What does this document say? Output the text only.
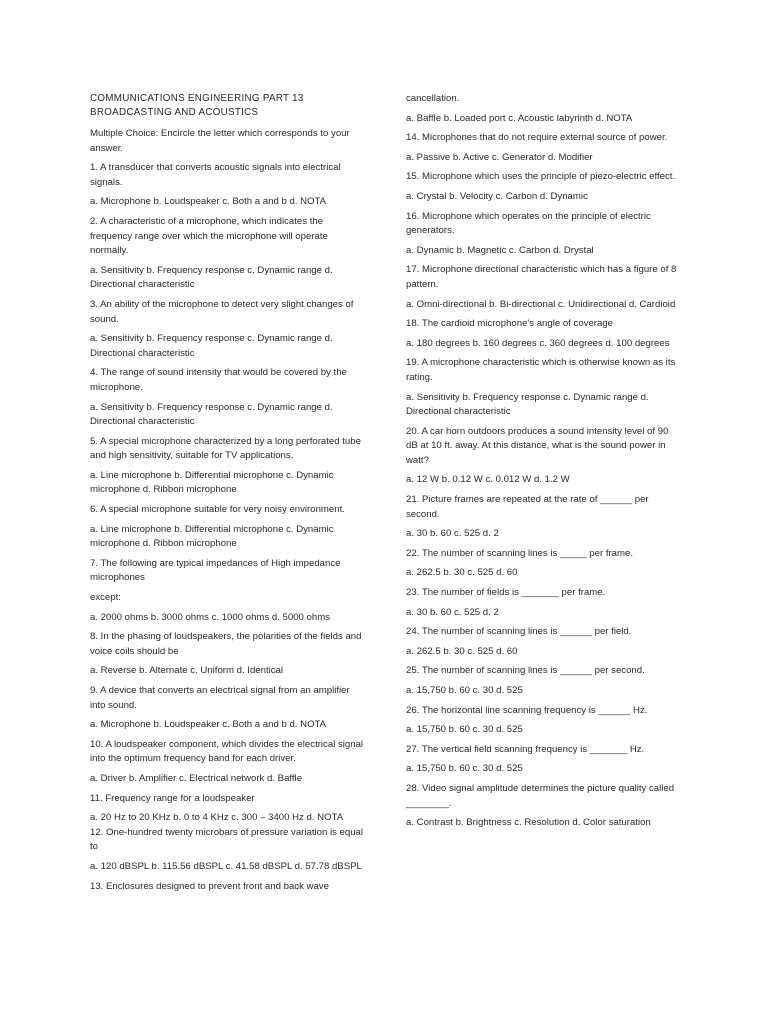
COMMUNICATIONS ENGINEERING PART 13

BROADCASTING AND ACOUSTICS

Multiple Choice: Encircle the letter which corresponds to your answer.

1. A transducer that converts acoustic signals into electrical signals.

a. Microphone b. Loudspeaker c. Both a and b d. NOTA

2. A characteristic of a microphone, which indicates the frequency range over which the microphone will operate normally.

a. Sensitivity b. Frequency response c. Dynamic range d. Directional characteristic

3. An ability of the microphone to detect very slight changes of sound.

a. Sensitivity b. Frequency response c. Dynamic range d. Directional characteristic

4. The range of sound intensity that would be covered by the microphone.

a. Sensitivity b. Frequency response c. Dynamic range d. Directional characteristic

5. A special microphone characterized by a long perforated tube and high sensitivity, suitable for TV applications.

a. Line microphone b. Differential microphone c. Dynamic microphone d. Ribbon microphone

6. A special microphone suitable for very noisy environment.

a. Line microphone b. Differential microphone c. Dynamic microphone d. Ribbon microphone

7. The following are typical impedances of High impedance microphones

except:

a. 2000 ohms b. 3000 ohms c. 1000 ohms d. 5000 ohms

8. In the phasing of loudspeakers, the polarities of the fields and voice coils should be

a. Reverse b. Alternate c. Uniform d. Identical

9. A device that converts an electrical signal from an amplifier into sound.

a. Microphone b. Loudspeaker c. Both a and b d. NOTA

10. A loudspeaker component, which divides the electrical signal into the optimum frequency band for each driver.

a. Driver b. Amplifier c. Electrical network d. Baffle

11. Frequency range for a loudspeaker

a. 20 Hz to 20 KHz b. 0 to 4 KHz c. 300 – 3400 Hz d. NOTA

12. One-hundred twenty microbars of pressure variation is equal to

a. 120 dBSPL b. 115.56 dBSPL c. 41.58 dBSPL d. 57.78 dBSPL

13. Enclosures designed to prevent front and back wave

cancellation.

a. Baffle b. Loaded port c. Acoustic labyrinth d. NOTA

14. Microphones that do not require external source of power.

a. Passive b. Active c. Generator d. Modifier

15. Microphone which uses the principle of piezo-electric effect.

a. Crystal b. Velocity c. Carbon d. Dynamic

16. Microphone which operates on the principle of electric generators.

a. Dynamic b. Magnetic c. Carbon d. Drystal

17. Microphone directional characteristic which has a figure of 8 pattern.

a. Omni-directional b. Bi-directional c. Unidirectional d. Cardioid

18. The cardioid microphone's angle of coverage

a. 180 degrees b. 160 degrees c. 360 degrees d. 100 degrees

19. A microphone characteristic which is otherwise known as its rating.

a. Sensitivity b. Frequency response c. Dynamic range d. Directional characteristic

20. A car horn outdoors produces a sound intensity level of 90 dB at 10 ft. away. At this distance, what is the sound power in watt?

a. 12 W b. 0.12 W c. 0.012 W d. 1.2 W

21. Picture frames are repeated at the rate of ______ per second.

a. 30 b. 60 c. 525 d. 2

22. The number of scanning lines is _____ per frame.

a. 262.5 b. 30 c. 525 d. 60

23. The number of fields is _______ per frame.

a. 30 b. 60 c. 525 d. 2

24. The number of scanning lines is ______ per field.

a. 262.5 b. 30 c. 525 d. 60

25. The number of scanning lines is ______ per second.

a. 15,750 b. 60 c. 30 d. 525

26. The horizontal line scanning frequency is ______ Hz.

a. 15,750 b. 60 c. 30 d. 525

27. The vertical field scanning frequency is _______ Hz.

a. 15,750 b. 60 c. 30 d. 525

28. Video signal amplitude determines the picture quality called ________.

a. Contrast b. Brightness c. Resolution d. Color saturation
